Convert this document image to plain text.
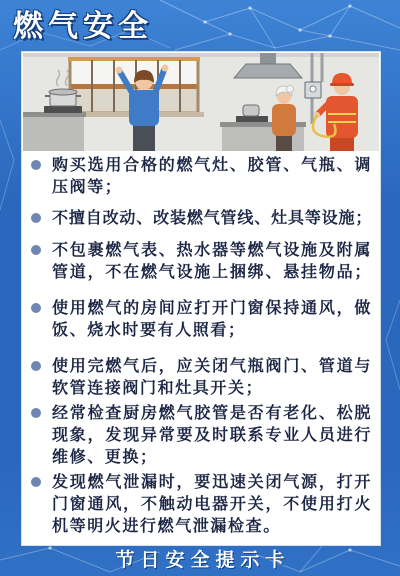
燃气安全
购买选用合格的燃气灶、胶管、气瓶、调
压阀等；
不擅自改动、改装燃气管线、灶具等设施；
不包裹燃气表、热水器等燃气设施及附属
管道，不在燃气设施上捆绑、悬挂物品；
使用燃气的房间应打开门窗保持通风，做
饭、烧水时要有人照看；
使用完燃气后，应关闭气瓶阀门、管道与
软管连接阀门和灶具开关；
经常检查厨房燃气胶管是否有老化、松脱
现象，发现异常要及时联系专业人员进行
维修、更换；
发现燃气泄漏时，要迅速关闭气源，打开
门窗通风，不触动电器开关，不使用打火
机等明火进行燃气泄漏检查。
节日安全提示卡
